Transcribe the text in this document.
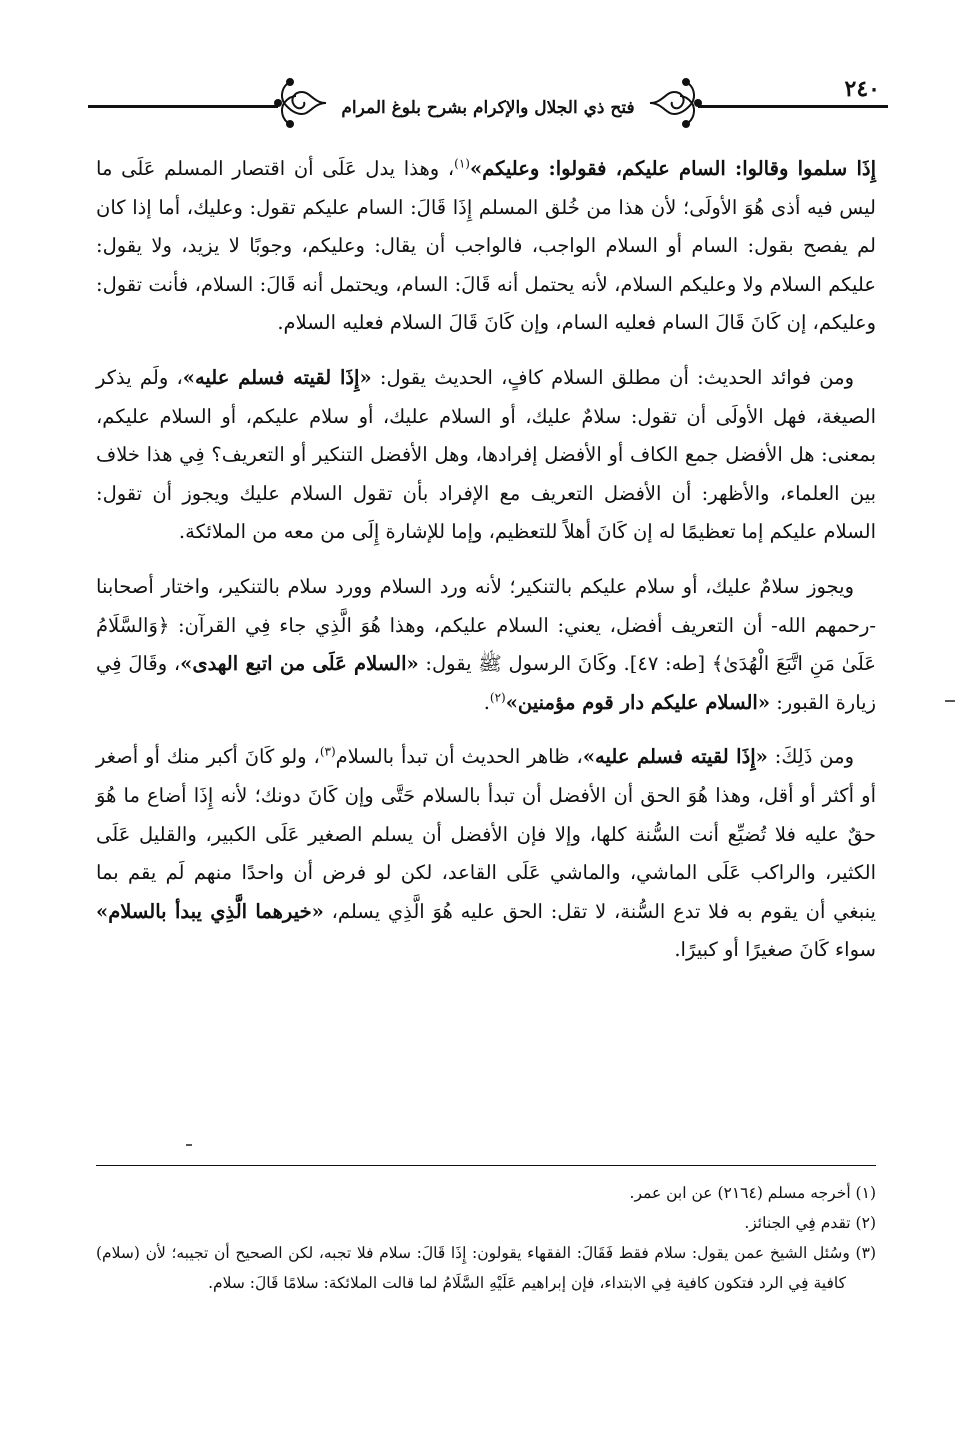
فتح ذي الجلال والإكرام بشرح بلوغ المرام
٢٤٠

إِذَا سلموا وقالوا: السام عليكم، فقولوا: وعليكم»$^{(١)}$، وهذا يدل عَلَى أن اقتصار المسلم عَلَى ما ليس فيه أذى هُوَ الأولَى؛ لأن هذا من خُلق المسلم إِذَا قَالَ: السام عليكم تقول: وعليك، أما إذا كان لم يفصح بقول: السام أو السلام الواجب، فالواجب أن يقال: وعليكم، وجوبًا لا يزيد، ولا يقول: عليكم السلام ولا وعليكم السلام، لأنه يحتمل أنه قَالَ: السام، ويحتمل أنه قَالَ: السلام، فأنت تقول: وعليكم، إن كَانَ قَالَ السام فعليه السام، وإن كَانَ قَالَ السلام فعليه السلام.

ومن فوائد الحديث: أن مطلق السلام كافٍ، الحديث يقول: «إِذَا لقيته فسلم عليه»، ولَم يذكر الصيغة، فهل الأولَى أن تقول: سلامٌ عليك، أو السلام عليك، أو سلام عليكم، أو السلام عليكم، بمعنى: هل الأفضل جمع الكاف أو الأفضل إفرادها، وهل الأفضل التنكير أو التعريف؟ فِي هذا خلاف بين العلماء، والأظهر: أن الأفضل التعريف مع الإفراد بأن تقول السلام عليك ويجوز أن تقول: السلام عليكم إما تعظيمًا له إن كَانَ أهلاً للتعظيم، وإما للإشارة إِلَى من معه من الملائكة.

ويجوز سلامٌ عليك، أو سلام عليكم بالتنكير؛ لأنه ورد السلام وورد سلام بالتنكير، واختار أصحابنا -رحمهم الله- أن التعريف أفضل، يعني: السلام عليكم، وهذا هُوَ الَّذِي جاء فِي القرآن: ﴿وَالسَّلَامُ عَلَىٰ مَنِ اتَّبَعَ الْهُدَىٰ﴾ [طه: ٤٧]. وكَانَ الرسول ﷺ يقول: «السلام عَلَى من اتبع الهدى»، وقَالَ فِي زيارة القبور: «السلام عليكم دار قوم مؤمنين»$^{(٢)}$.

ومن ذَلِكَ: «إِذَا لقيته فسلم عليه»، ظاهر الحديث أن تبدأ بالسلام$^{(٣)}$، ولو كَانَ أكبر منك أو أصغر أو أكثر أو أقل، وهذا هُوَ الحق أن الأفضل أن تبدأ بالسلام حَتَّى وإن كَانَ دونك؛ لأنه إِذَا أضاع ما هُوَ حقٌ عليه فلا تُضيِّع أنت السُّنة كلها، وإلا فإن الأفضل أن يسلم الصغير عَلَى الكبير، والقليل عَلَى الكثير، والراكب عَلَى الماشي، والماشي عَلَى القاعد، لكن لو فرض أن واحدًا منهم لَم يقم بما ينبغي أن يقوم به فلا تدع السُّنة، لا تقل: الحق عليه هُوَ الَّذِي يسلم، «خيرهما الَّذِي يبدأ بالسلام» سواء كَانَ صغيرًا أو كبيرًا.

(١) أخرجه مسلم (٢١٦٤) عن ابن عمر.

(٢) تقدم فِي الجنائز.

(٣) وسُئل الشيخ عمن يقول: سلام فقط فَقَالَ: الفقهاء يقولون: إِذَا قَالَ: سلام فلا تجبه، لكن الصحيح أن تجيبه؛ لأن (سلام) كافية فِي الرد فتكون كافية فِي الابتداء، فإن إبراهيم عَلَيْهِ السَّلَامُ لما قالت الملائكة: سلامًا قَالَ: سلام.
